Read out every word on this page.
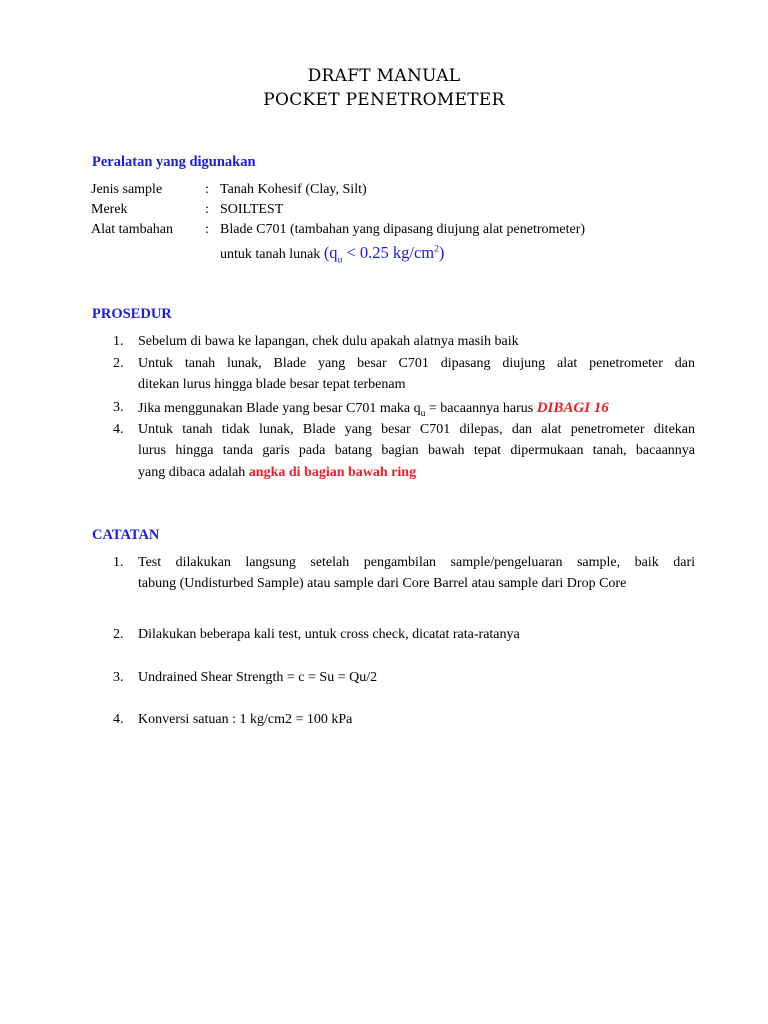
DRAFT MANUAL
POCKET PENETROMETER
Peralatan yang digunakan
Jenis sample	: Tanah Kohesif (Clay, Silt)
Merek	: SOILTEST
Alat tambahan : Blade C701 (tambahan yang dipasang diujung alat penetrometer)
untuk tanah lunak ($q_u < 0.25$ $kg/cm^2$)
PROSEDUR
1. Sebelum di bawa ke lapangan, chek dulu apakah alatnya masih baik
2. Untuk tanah lunak, Blade yang besar C701 dipasang diujung alat penetrometer dan
ditekan lurus hingga blade besar tepat terbenam
3. Jika menggunakan Blade yang besar C701 maka $q_u$ = bacaannya harus DIBAGI 16
4. Untuk tanah tidak lunak, Blade yang besar C701 dilepas, dan alat penetrometer ditekan
lurus hingga tanda garis pada batang bagian bawah tepat dipermukaan tanah, bacaannya
yang dibaca adalah angka di bagian bawah ring
CATATAN
1. Test dilakukan langsung setelah pengambilan sample/pengeluaran sample, baik dari
tabung (Undisturbed Sample) atau sample dari Core Barrel atau sample dari Drop Core
2. Dilakukan beberapa kali test, untuk cross check, dicatat rata-ratanya
3. Undrained Shear Strength = c = Su = Qu/2
4. Konversi satuan : 1 kg/cm2 = 100 kPa
